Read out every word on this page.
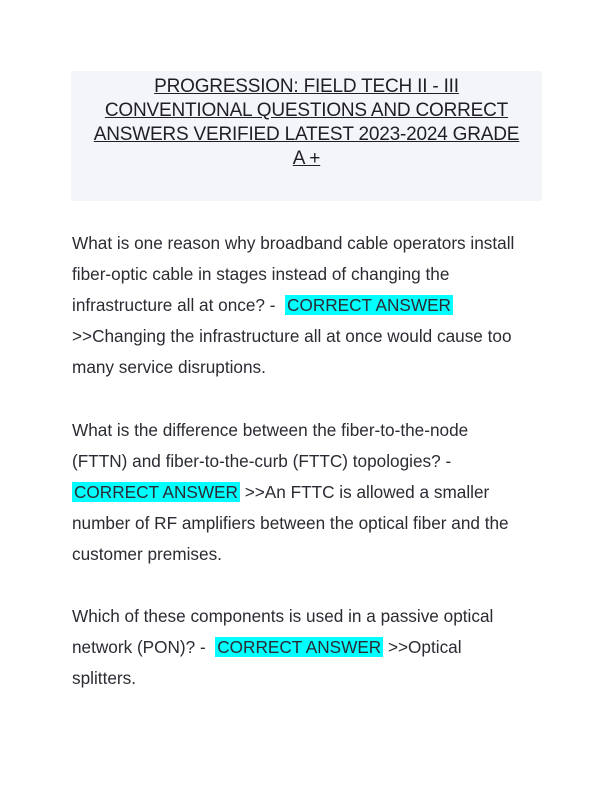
PROGRESSION: FIELD TECH II - III
CONVENTIONAL QUESTIONS AND CORRECT
ANSWERS VERIFIED LATEST 2023-2024 GRADE
A +
What is one reason why broadband cable operators install
fiber-optic cable in stages instead of changing the
infrastructure all at once? -  CORRECT ANSWER
>>Changing the infrastructure all at once would cause too
many service disruptions.
What is the difference between the fiber-to-the-node
(FTTN) and fiber-to-the-curb (FTTC) topologies? -
CORRECT ANSWER >>An FTTC is allowed a smaller
number of RF amplifiers between the optical fiber and the
customer premises.
Which of these components is used in a passive optical
network (PON)? -  CORRECT ANSWER >>Optical
splitters.
